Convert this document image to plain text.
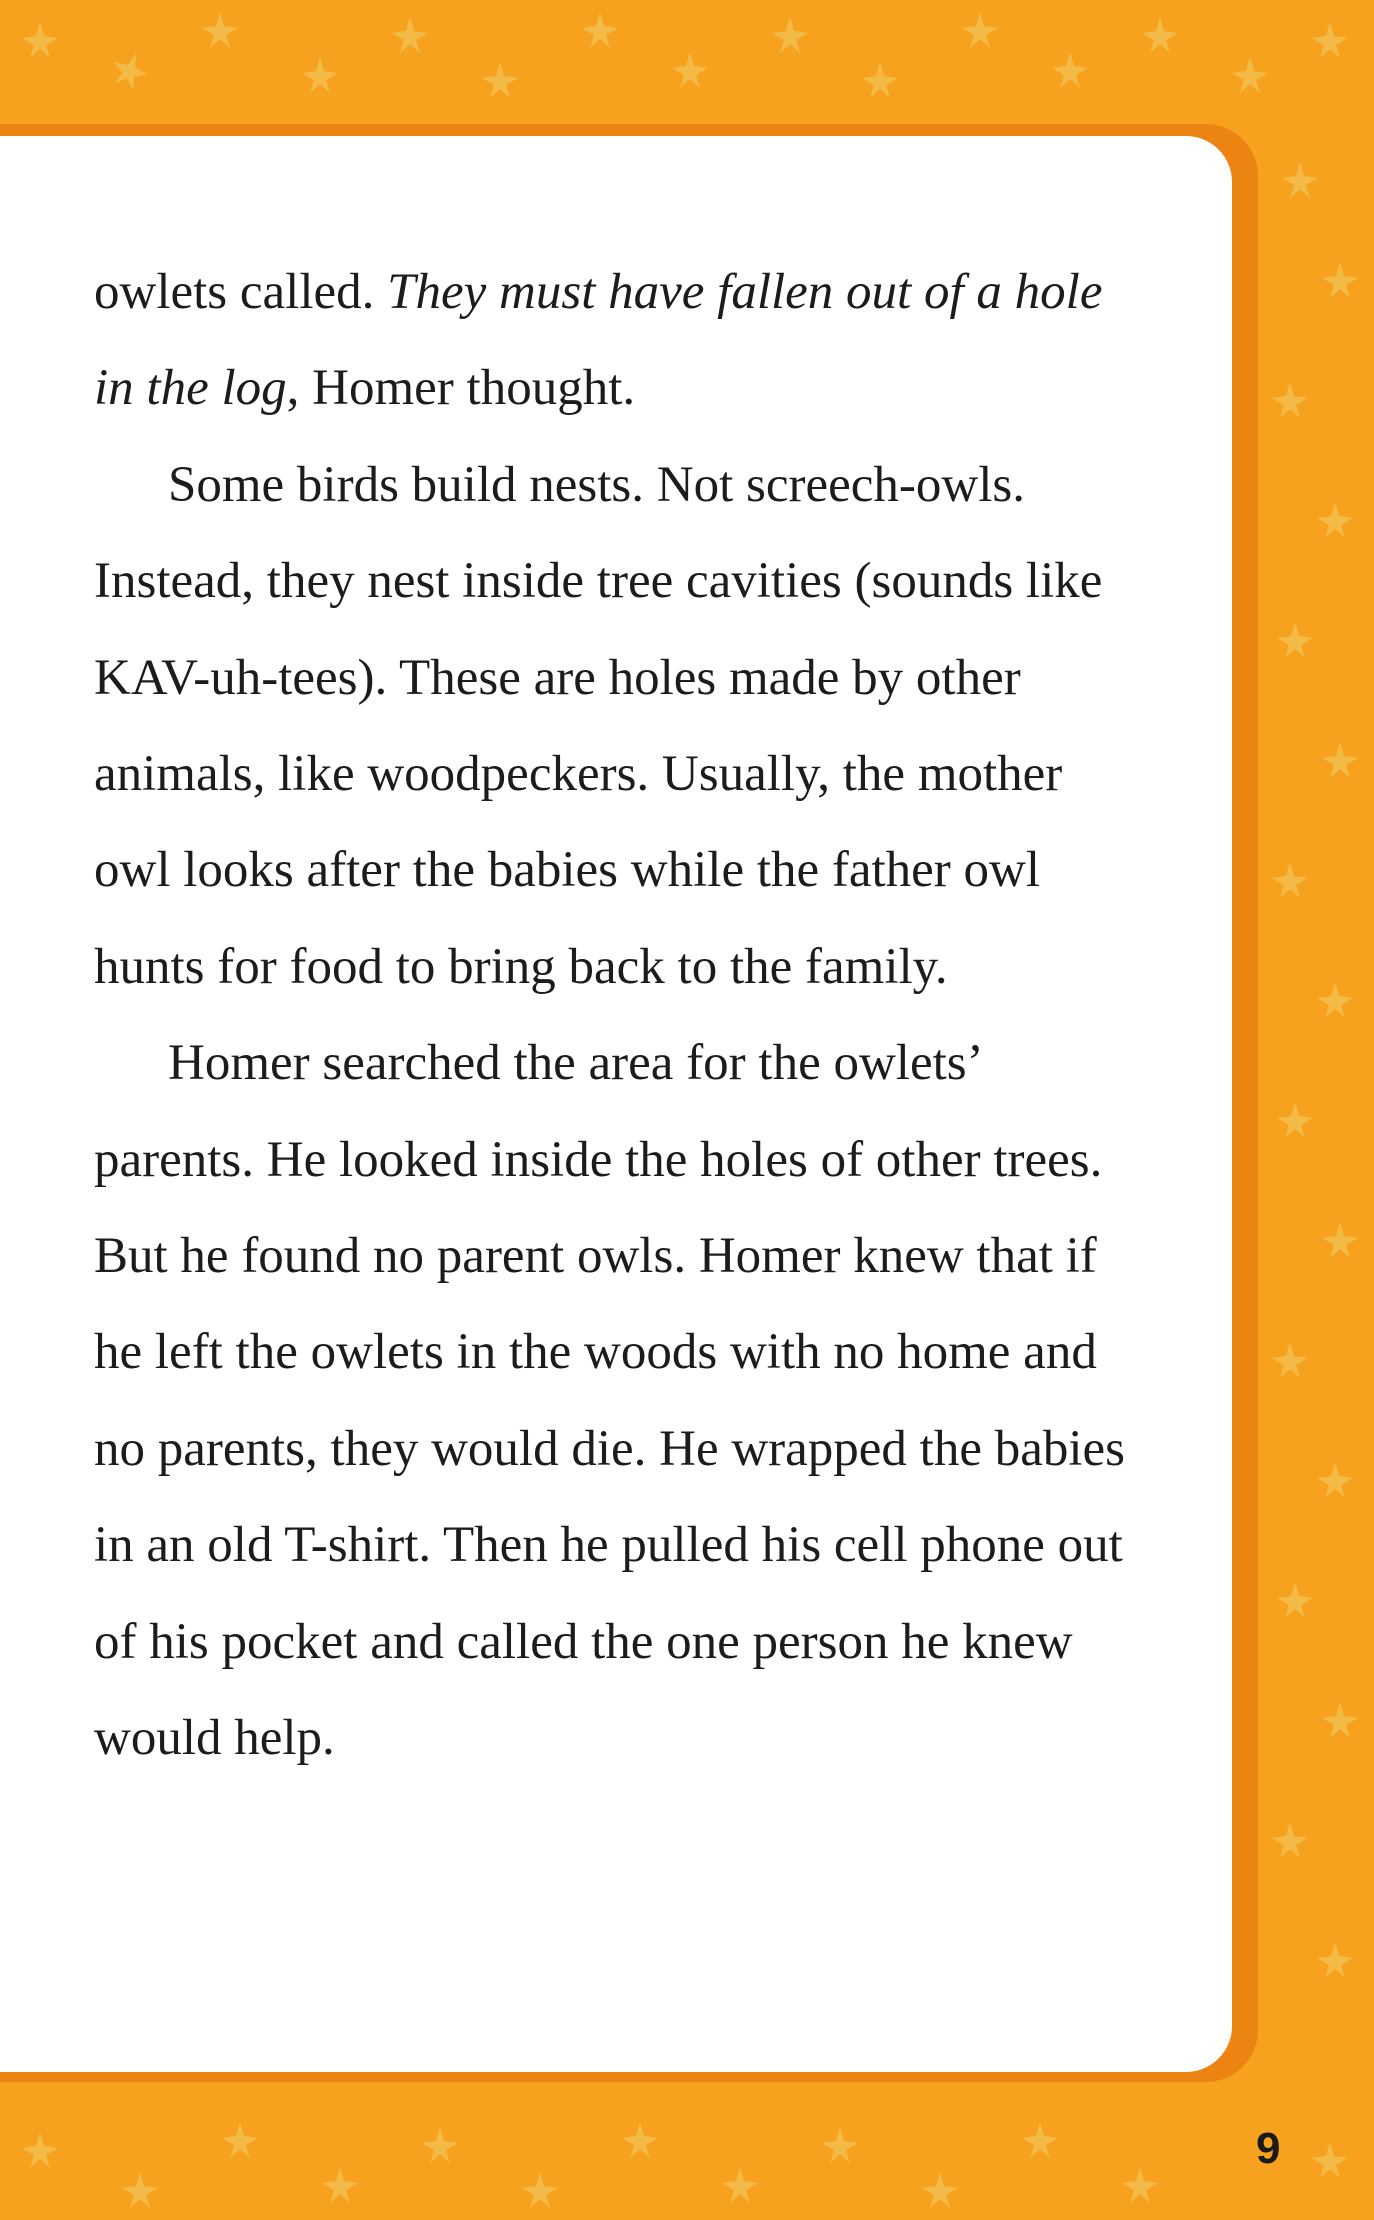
owlets called. They must have fallen out of a hole in the log, Homer thought.

Some birds build nests. Not screech-owls. Instead, they nest inside tree cavities (sounds like KAV-uh-tees). These are holes made by other animals, like woodpeckers. Usually, the mother owl looks after the babies while the father owl hunts for food to bring back to the family.

Homer searched the area for the owlets’ parents. He looked inside the holes of other trees. But he found no parent owls. Homer knew that if he left the owlets in the woods with no home and no parents, they would die. He wrapped the babies in an old T-shirt. Then he pulled his cell phone out of his pocket and called the one person he knew would help.

9
